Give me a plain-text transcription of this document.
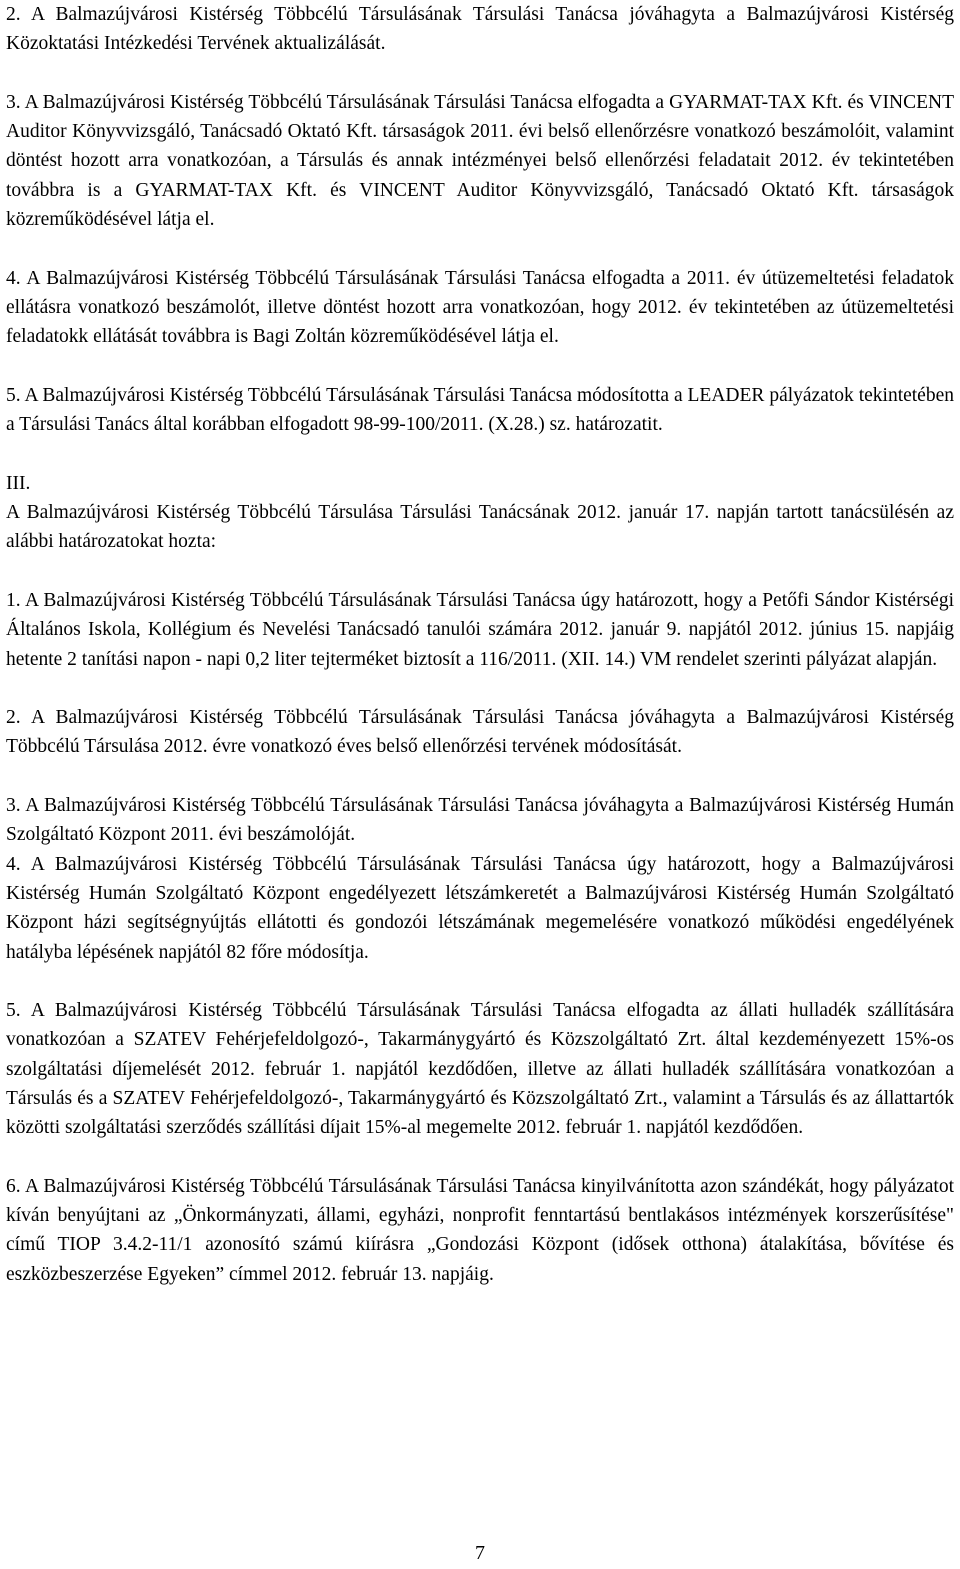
2. A Balmazújvárosi Kistérség Többcélú Társulásának Társulási Tanácsa jóváhagyta a Balmazújvárosi Kistérség Közoktatási Intézkedési Tervének aktualizálását.

3. A Balmazújvárosi Kistérség Többcélú Társulásának Társulási Tanácsa elfogadta a GYARMAT-TAX Kft. és VINCENT Auditor Könyvvizsgáló, Tanácsadó Oktató Kft. társaságok 2011. évi belső ellenőrzésre vonatkozó beszámolóit, valamint döntést hozott arra vonatkozóan, a Társulás és annak intézményei belső ellenőrzési feladatait 2012. év tekintetében továbbra is a GYARMAT-TAX Kft. és VINCENT Auditor Könyvvizsgáló, Tanácsadó Oktató Kft. társaságok közreműködésével látja el.

4. A Balmazújvárosi Kistérség Többcélú Társulásának Társulási Tanácsa elfogadta a 2011. év útüzemeltetési feladatok ellátásra vonatkozó beszámolót, illetve döntést hozott arra vonatkozóan, hogy 2012. év tekintetében az útüzemeltetési feladatokk ellátását továbbra is Bagi Zoltán közreműködésével látja el.

5. A Balmazújvárosi Kistérség Többcélú Társulásának Társulási Tanácsa módosította a LEADER pályázatok tekintetében a Társulási Tanács által korábban elfogadott 98-99-100/2011. (X.28.) sz. határozatit.

III.

A Balmazújvárosi Kistérség Többcélú Társulása Társulási Tanácsának 2012. január 17. napján tartott tanácsülésén az alábbi határozatokat hozta:

1. A Balmazújvárosi Kistérség Többcélú Társulásának Társulási Tanácsa úgy határozott, hogy a Petőfi Sándor Kistérségi Általános Iskola, Kollégium és Nevelési Tanácsadó tanulói számára 2012. január 9. napjától 2012. június 15. napjáig hetente 2 tanítási napon - napi 0,2 liter tejterméket biztosít a 116/2011. (XII. 14.) VM rendelet szerinti pályázat alapján.

2. A Balmazújvárosi Kistérség Többcélú Társulásának Társulási Tanácsa jóváhagyta a Balmazújvárosi Kistérség Többcélú Társulása 2012. évre vonatkozó éves belső ellenőrzési tervének módosítását.

3. A Balmazújvárosi Kistérség Többcélú Társulásának Társulási Tanácsa jóváhagyta a Balmazújvárosi Kistérség Humán Szolgáltató Központ 2011. évi beszámolóját.

4. A Balmazújvárosi Kistérség Többcélú Társulásának Társulási Tanácsa úgy határozott, hogy a Balmazújvárosi Kistérség Humán Szolgáltató Központ engedélyezett létszámkeretét a Balmazújvárosi Kistérség Humán Szolgáltató Központ házi segítségnyújtás ellátotti és gondozói létszámának megemelésére vonatkozó működési engedélyének hatályba lépésének napjától 82 főre módosítja.

5. A Balmazújvárosi Kistérség Többcélú Társulásának Társulási Tanácsa elfogadta az állati hulladék szállítására vonatkozóan a SZATEV Fehérjefeldolgozó-, Takarmánygyártó és Közszolgáltató Zrt. által kezdeményezett 15%-os szolgáltatási díjemelését 2012. február 1. napjától kezdődően, illetve az állati hulladék szállítására vonatkozóan a Társulás és a SZATEV Fehérjefeldolgozó-, Takarmánygyártó és Közszolgáltató Zrt., valamint a Társulás és az állattartók közötti szolgáltatási szerződés szállítási díjait 15%-al megemelte 2012. február 1. napjától kezdődően.

6. A Balmazújvárosi Kistérség Többcélú Társulásának Társulási Tanácsa kinyilvánította azon szándékát, hogy pályázatot kíván benyújtani az „Önkormányzati, állami, egyházi, nonprofit fenntartású bentlakásos intézmények korszerűsítése" című TIOP 3.4.2-11/1 azonosító számú kiírásra „Gondozási Központ (idősek otthona) átalakítása, bővítése és eszközbeszerzése Egyeken” címmel 2012. február 13. napjáig.

7
